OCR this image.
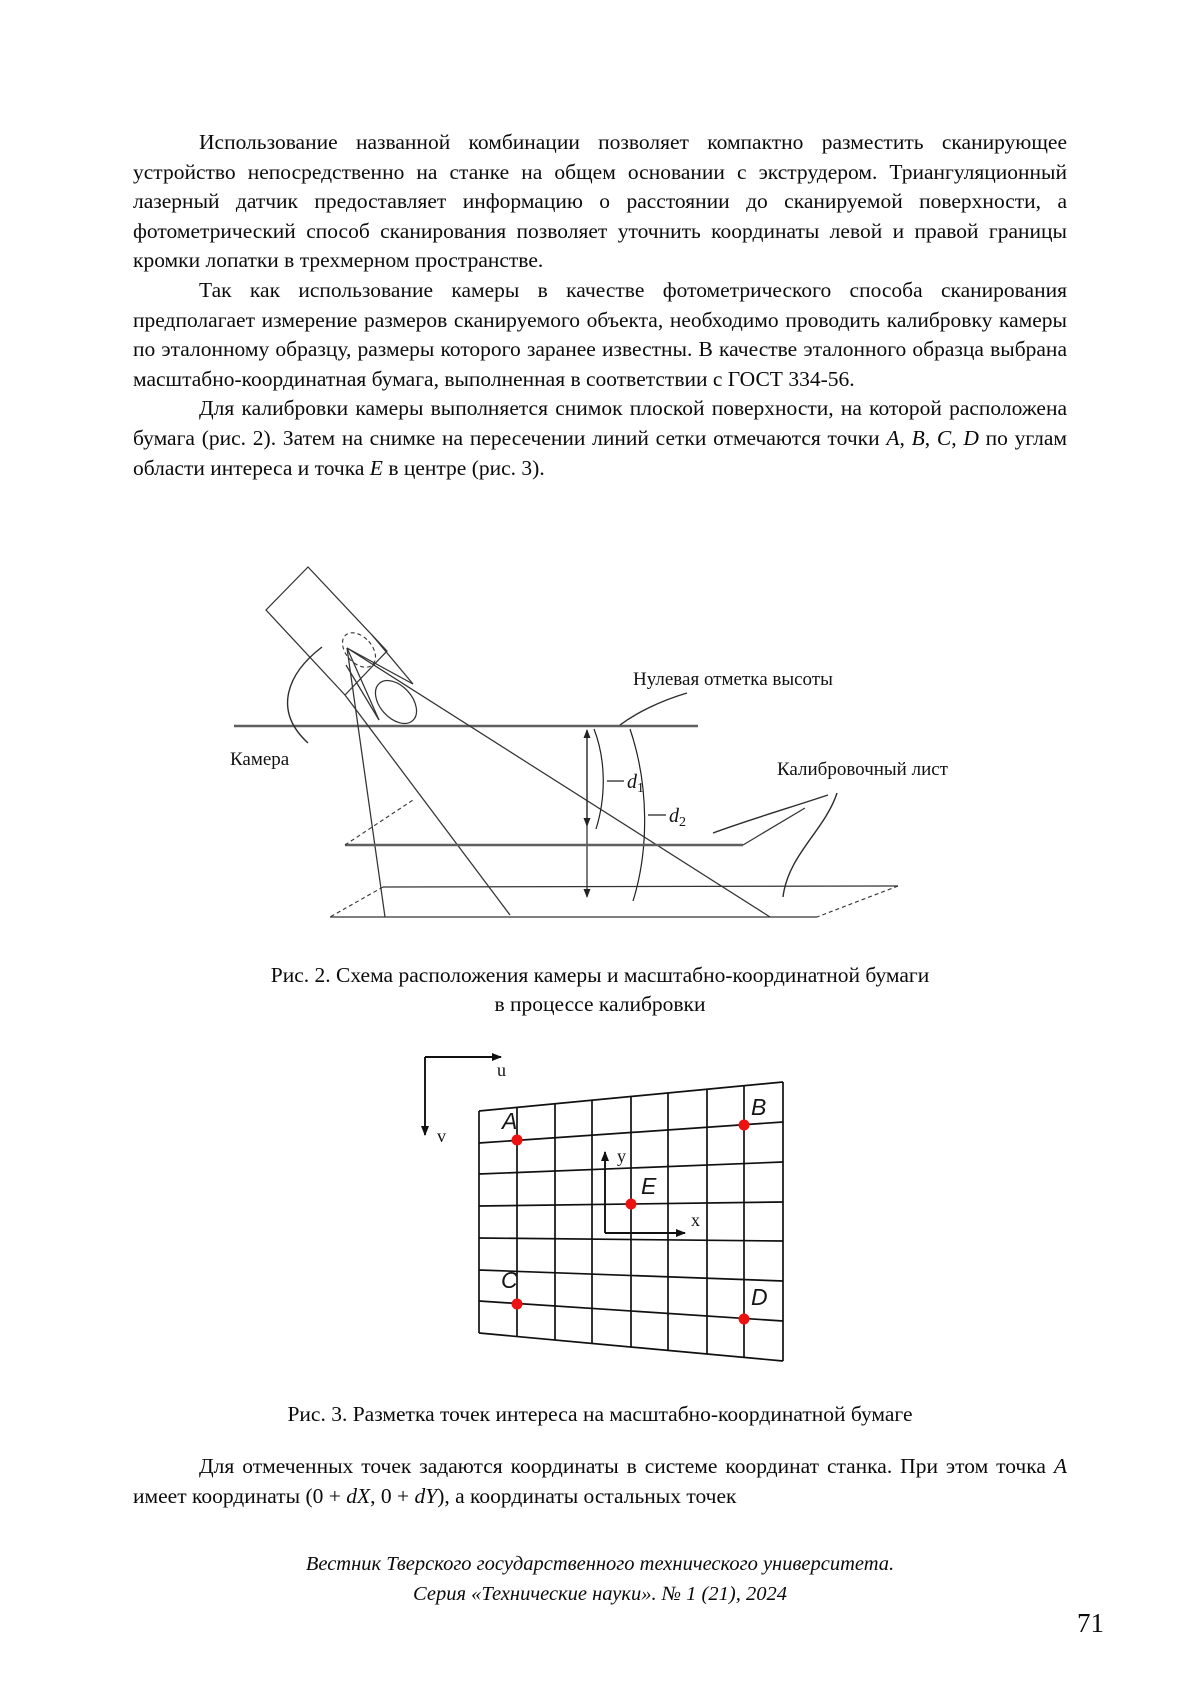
Использование названной комбинации позволяет компактно разместить сканирующее устройство непосредственно на станке на общем основании с экструдером. Триангуляционный лазерный датчик предоставляет информацию о расстоянии до сканируемой поверхности, а фотометрический способ сканирования позволяет уточнить координаты левой и правой границы кромки лопатки в трехмерном пространстве.

Так как использование камеры в качестве фотометрического способа сканирования предполагает измерение размеров сканируемого объекта, необходимо проводить калибровку камеры по эталонному образцу, размеры которого заранее известны. В качестве эталонного образца выбрана масштабно-координатная бумага, выполненная в соответствии с ГОСТ 334-56.

Для калибровки камеры выполняется снимок плоской поверхности, на которой расположена бумага (рис. 2). Затем на снимке на пересечении линий сетки отмечаются точки A, B, C, D по углам области интереса и точка E в центре (рис. 3).

Камера
Нулевая отметка высоты
$d_1$
$d_2$
Калибровочный лист
Рис. 2. Схема расположения камеры и масштабно-координатной бумаги
в процессе калибровки
u
v
y
x
A
B
E
C
D
Рис. 3. Разметка точек интереса на масштабно-координатной бумаге

Для отмеченных точек задаются координаты в системе координат станка. При этом точка A имеет координаты (0 + dX, 0 + dY), а координаты остальных точек

Вестник Тверского государственного технического университета.
Серия «Технические науки». № 1 (21), 2024
71
